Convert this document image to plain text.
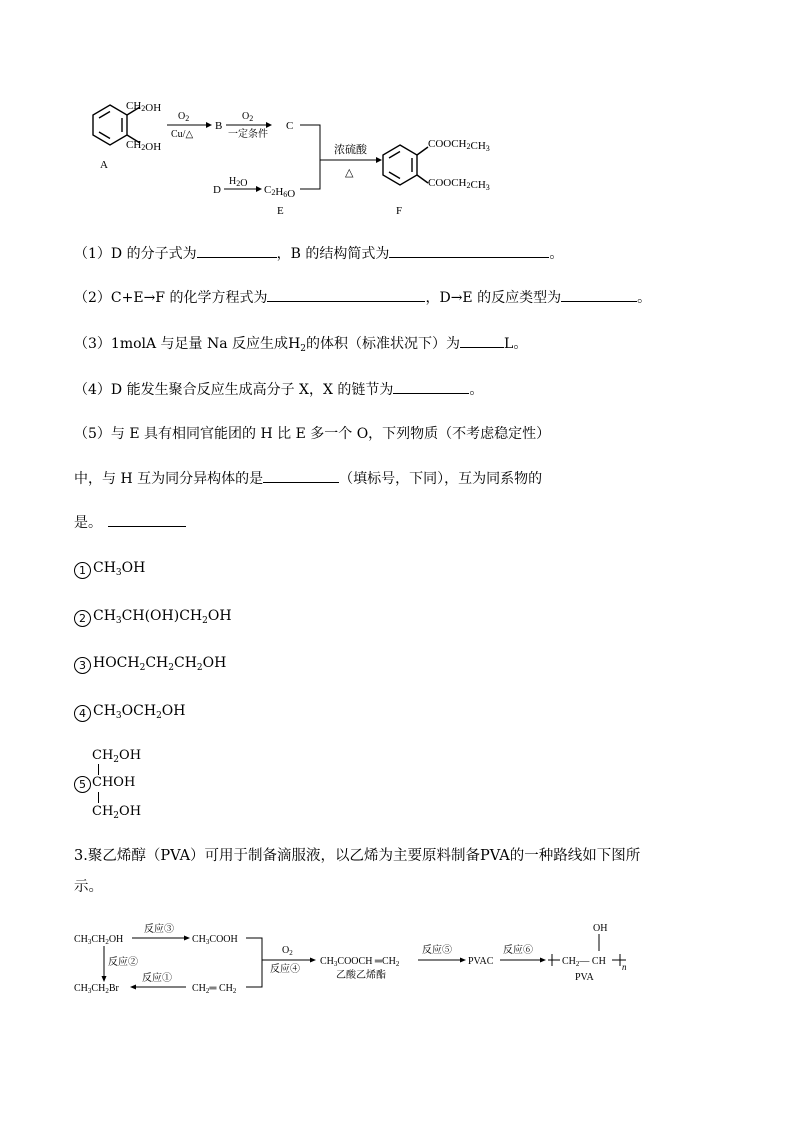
CH2OH
CH2OH
A
$O_2$
Cu/△
B
$O_2$
一定条件
C
D
$H_2O$
C2H6O
E
浓硫酸
△
COOCH2CH3
COOCH2CH3
F
（1）D 的分子式为	，B 的结构简式为	。
（2）C+E→F 的化学方程式为	，D→E 的反应类型为	。
（3）1molA 与足量 Na 反应生成$H_2$的体积（标准状况下）为	L。
（4）D 能发生聚合反应生成高分子 X，X 的链节为	。
（5）与 E 具有相同官能团的 H 比 E 多一个 O，下列物质（不考虑稳定性）
中，与 H 互为同分异构体的是	（填标号，下同），互为同系物的
是。
1 $CH_3OH$
2 $CH_3CH(OH)CH_2OH$
3 $HOCH_2CH_2CH_2OH$
4 $CH_3OCH_2OH$
$CH_2OH$
5 CHOH
$CH_2OH$
3.聚乙烯醇（PVA）可用于制备滴服液，以乙烯为主要原料制备PVA的一种路线如下图所
示。
$CH_3CH_2OH$
反应③
$CH_3COOH$
反应②
$CH_3CH_2Br$
反应①
$CH_2═$ $CH_2$
$O_2$
反应④
$CH_3COOCH$ $═CH_2$
乙酸乙烯酯
反应⑤
PVAC
反应⑥
$CH_2—$ CH n
OH
PVA
